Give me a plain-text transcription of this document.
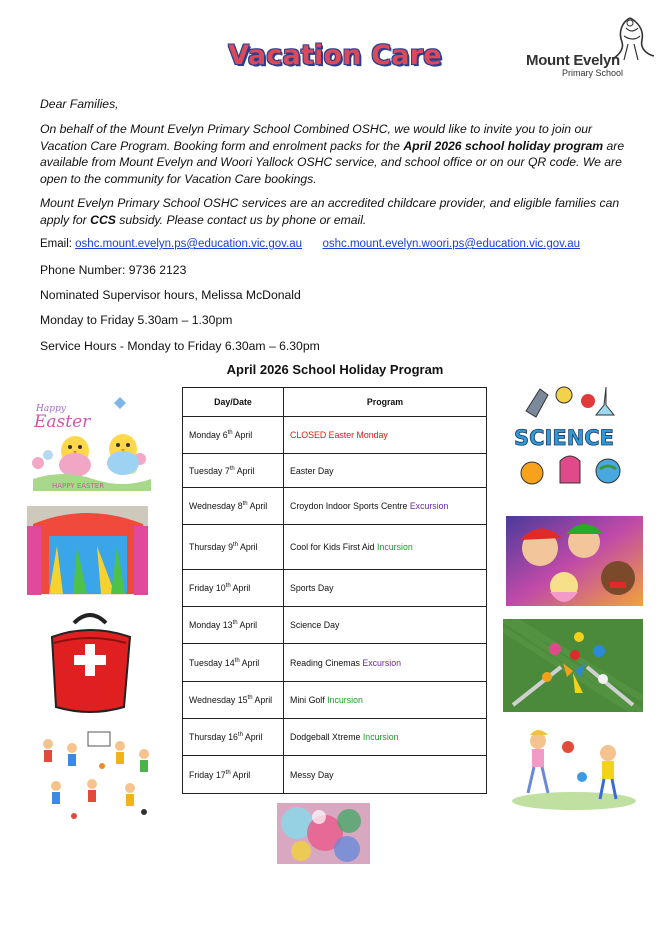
Vacation Care	Mount Evelyn
Primary School
Dear Families,
On behalf of the Mount Evelyn Primary School Combined OSHC, we would like to invite you to join our Vacation Care Program. Booking form and enrolment packs for the April 2026 school holiday program are available from Mount Evelyn and Woori Yallock OSHC service, and school office or on our QR code. We are open to the community for Vacation Care bookings.
Mount Evelyn Primary School OSHC services are an accredited childcare provider, and eligible families can apply for CCS subsidy. Please contact us by phone or email.
Email: oshc.mount.evelyn.ps@education.vic.gov.au oshc.mount.evelyn.woori.ps@education.vic.gov.au
Phone Number: 9736 2123
Nominated Supervisor hours, Melissa McDonald
Monday to Friday 5.30am – 1.30pm
Service Hours - Monday to Friday 6.30am – 6.30pm
April 2026 School Holiday Program
Day/Date	Program
Monday 6th April	CLOSED Easter Monday
Tuesday 7th April	Easter Day
Wednesday 8th April	Croydon Indoor Sports Centre Excursion
Thursday 9th April	Cool for Kids First Aid Incursion
Friday 10th April	Sports Day
Monday 13th April	Science Day
Tuesday 14th April	Reading Cinemas Excursion
Wednesday 15th April	Mini Golf Incursion
Thursday 16th April	Dodgeball Xtreme Incursion
Friday 17th April	Messy Day
Happy
Easter
HAPPY EASTER
SCIENCE
